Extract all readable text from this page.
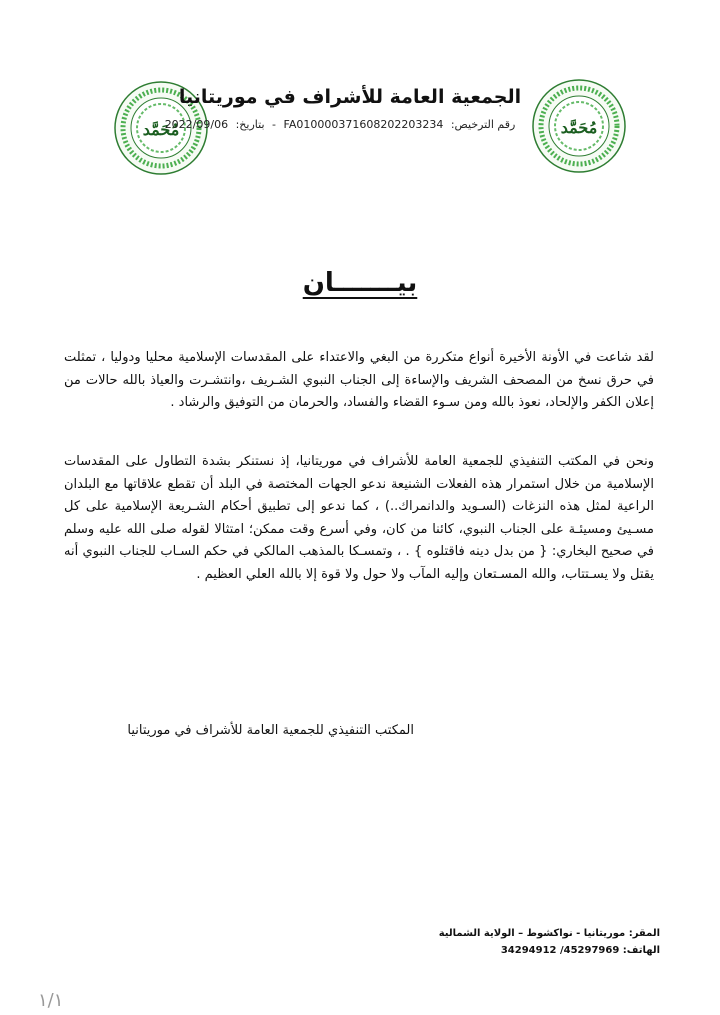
مُحَمَّد
مُحَمَّد
الجمعية العامة للأشراف في موريتانيا
رقم الترخيص: FA010000371608202203234 - بتاريخ: 2022/09/06
بيـــــــان

لقد شاعت في الأونة الأخيرة أنواع متكررة من البغي والاعتداء على المقدسات الإسلامية محليا ودوليا ، تمثلت في حرق نسخ من المصحف الشريف والإساءة إلى الجناب النبوي الشـريف ،وانتشـرت والعياذ بالله حالات من إعلان الكفر والإلحاد، نعوذ بالله ومن سـوء القضاء والفساد، والحرمان من التوفيق والرشاد .

ونحن في المكتب التنفيذي للجمعية العامة للأشراف في موريتانيا، إذ نستنكر بشدة التطاول على المقدسات الإسلامية من خلال استمرار هذه الفعلات الشنيعة ندعو الجهات المختصة في البلد أن تقطع علاقاتها مع البلدان الراعية لمثل هذه النزغات (السـويد والدانمراك..) ، كما ندعو إلى تطبيق أحكام الشـريعة الإسلامية على كل مسـيئ ومسيئـة على الجناب النبوي، كائنا من كان، وفي أسرع وقت ممكن؛ امتثالا لقوله صلى الله عليه وسلم في صحيح البخاري: { من بدل دينه فاقتلوه } . ، وتمسـكا بالمذهب المالكي في حكم السـاب للجناب النبوي أنه يقتل ولا يسـتتاب، والله المسـتعان وإليه المآب ولا حول ولا قوة إلا بالله العلي العظيم .

المكتب التنفيذي للجمعية العامة للأشراف في موريتانيا
المقر: موريتانيا - نواكشوط – الولاية الشمالية
الهاتف: 45297969/ 34294912
١/١
